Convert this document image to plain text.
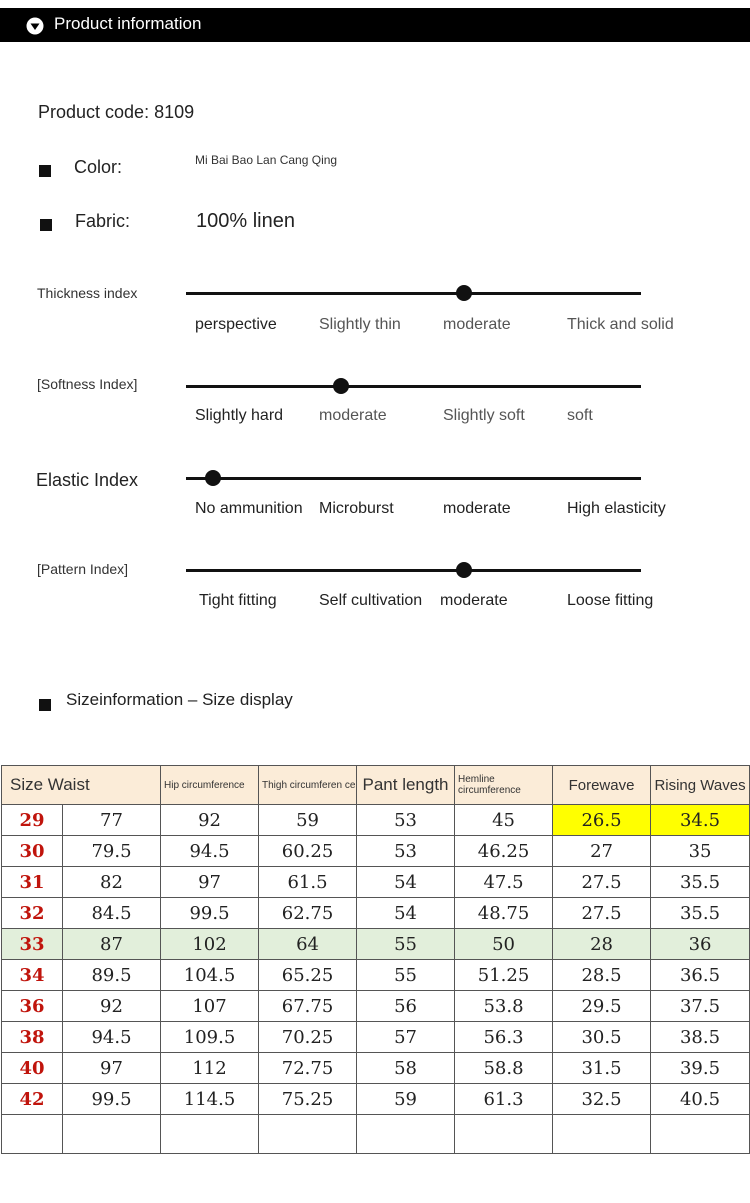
Product information
Product code: 8109
Color:	Mi Bai Bao Lan Cang Qing
Fabric:	100% linen
Thickness index
perspective	Slightly thin	moderate	Thick and solid
[Softness Index]
Slightly hard moderate	Slightly soft	soft
Elastic Index
No ammunition Microburst	moderate	High elasticity
[Pattern Index]
Tight fitting	Self cultivation moderate	Loose fitting
Sizeinformation – Size display
Size Waist		Hip circumference	Thigh circumferen ce	Pant length	Hemline circumference	Forewave	Rising Waves
29	77	92	59	53	45	26.5	34.5
30	79.5	94.5	60.25	53	46.25	27	35
31	82	97	61.5	54	47.5	27.5	35.5
32	84.5	99.5	62.75	54	48.75	27.5	35.5
33	87	102	64	55	50	28	36
34	89.5	104.5	65.25	55	51.25	28.5	36.5
36	92	107	67.75	56	53.8	29.5	37.5
38	94.5	109.5	70.25	57	56.3	30.5	38.5
40	97	112	72.75	58	58.8	31.5	39.5
42	99.5	114.5	75.25	59	61.3	32.5	40.5
